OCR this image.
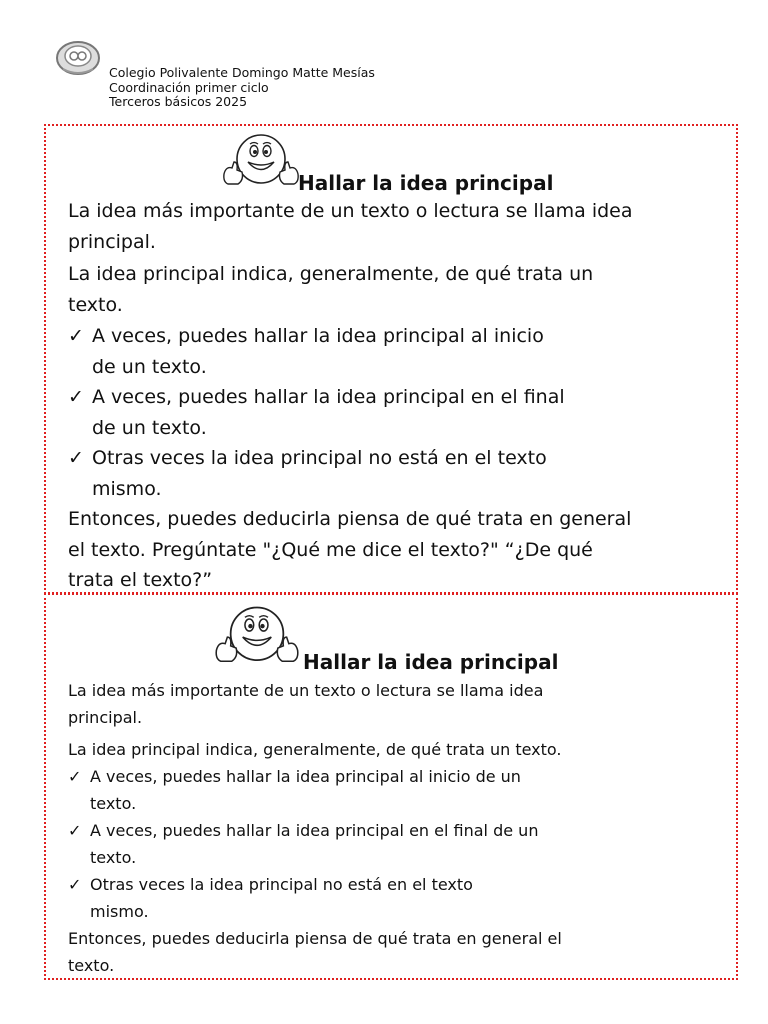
Colegio Polivalente Domingo Matte Mesías
Coordinación primer ciclo
Terceros básicos 2025
Hallar la idea principal
La idea más importante de un texto o lectura se llama idea
principal.
La idea principal indica, generalmente, de qué trata un
texto.
✓ A veces, puedes hallar la idea principal al inicio
de un texto.
✓ A veces, puedes hallar la idea principal en el final
de un texto.
✓ Otras veces la idea principal no está en el texto
mismo.
Entonces, puedes deducirla piensa de qué trata en general
el texto. Pregúntate "¿Qué me dice el texto?" “¿De qué
trata el texto?”
Hallar la idea principal
La idea más importante de un texto o lectura se llama idea
principal.
La idea principal indica, generalmente, de qué trata un texto.
✓ A veces, puedes hallar la idea principal al inicio de un
texto.
✓ A veces, puedes hallar la idea principal en el final de un
texto.
✓ Otras veces la idea principal no está en el texto
mismo.
Entonces, puedes deducirla piensa de qué trata en general el
texto.
